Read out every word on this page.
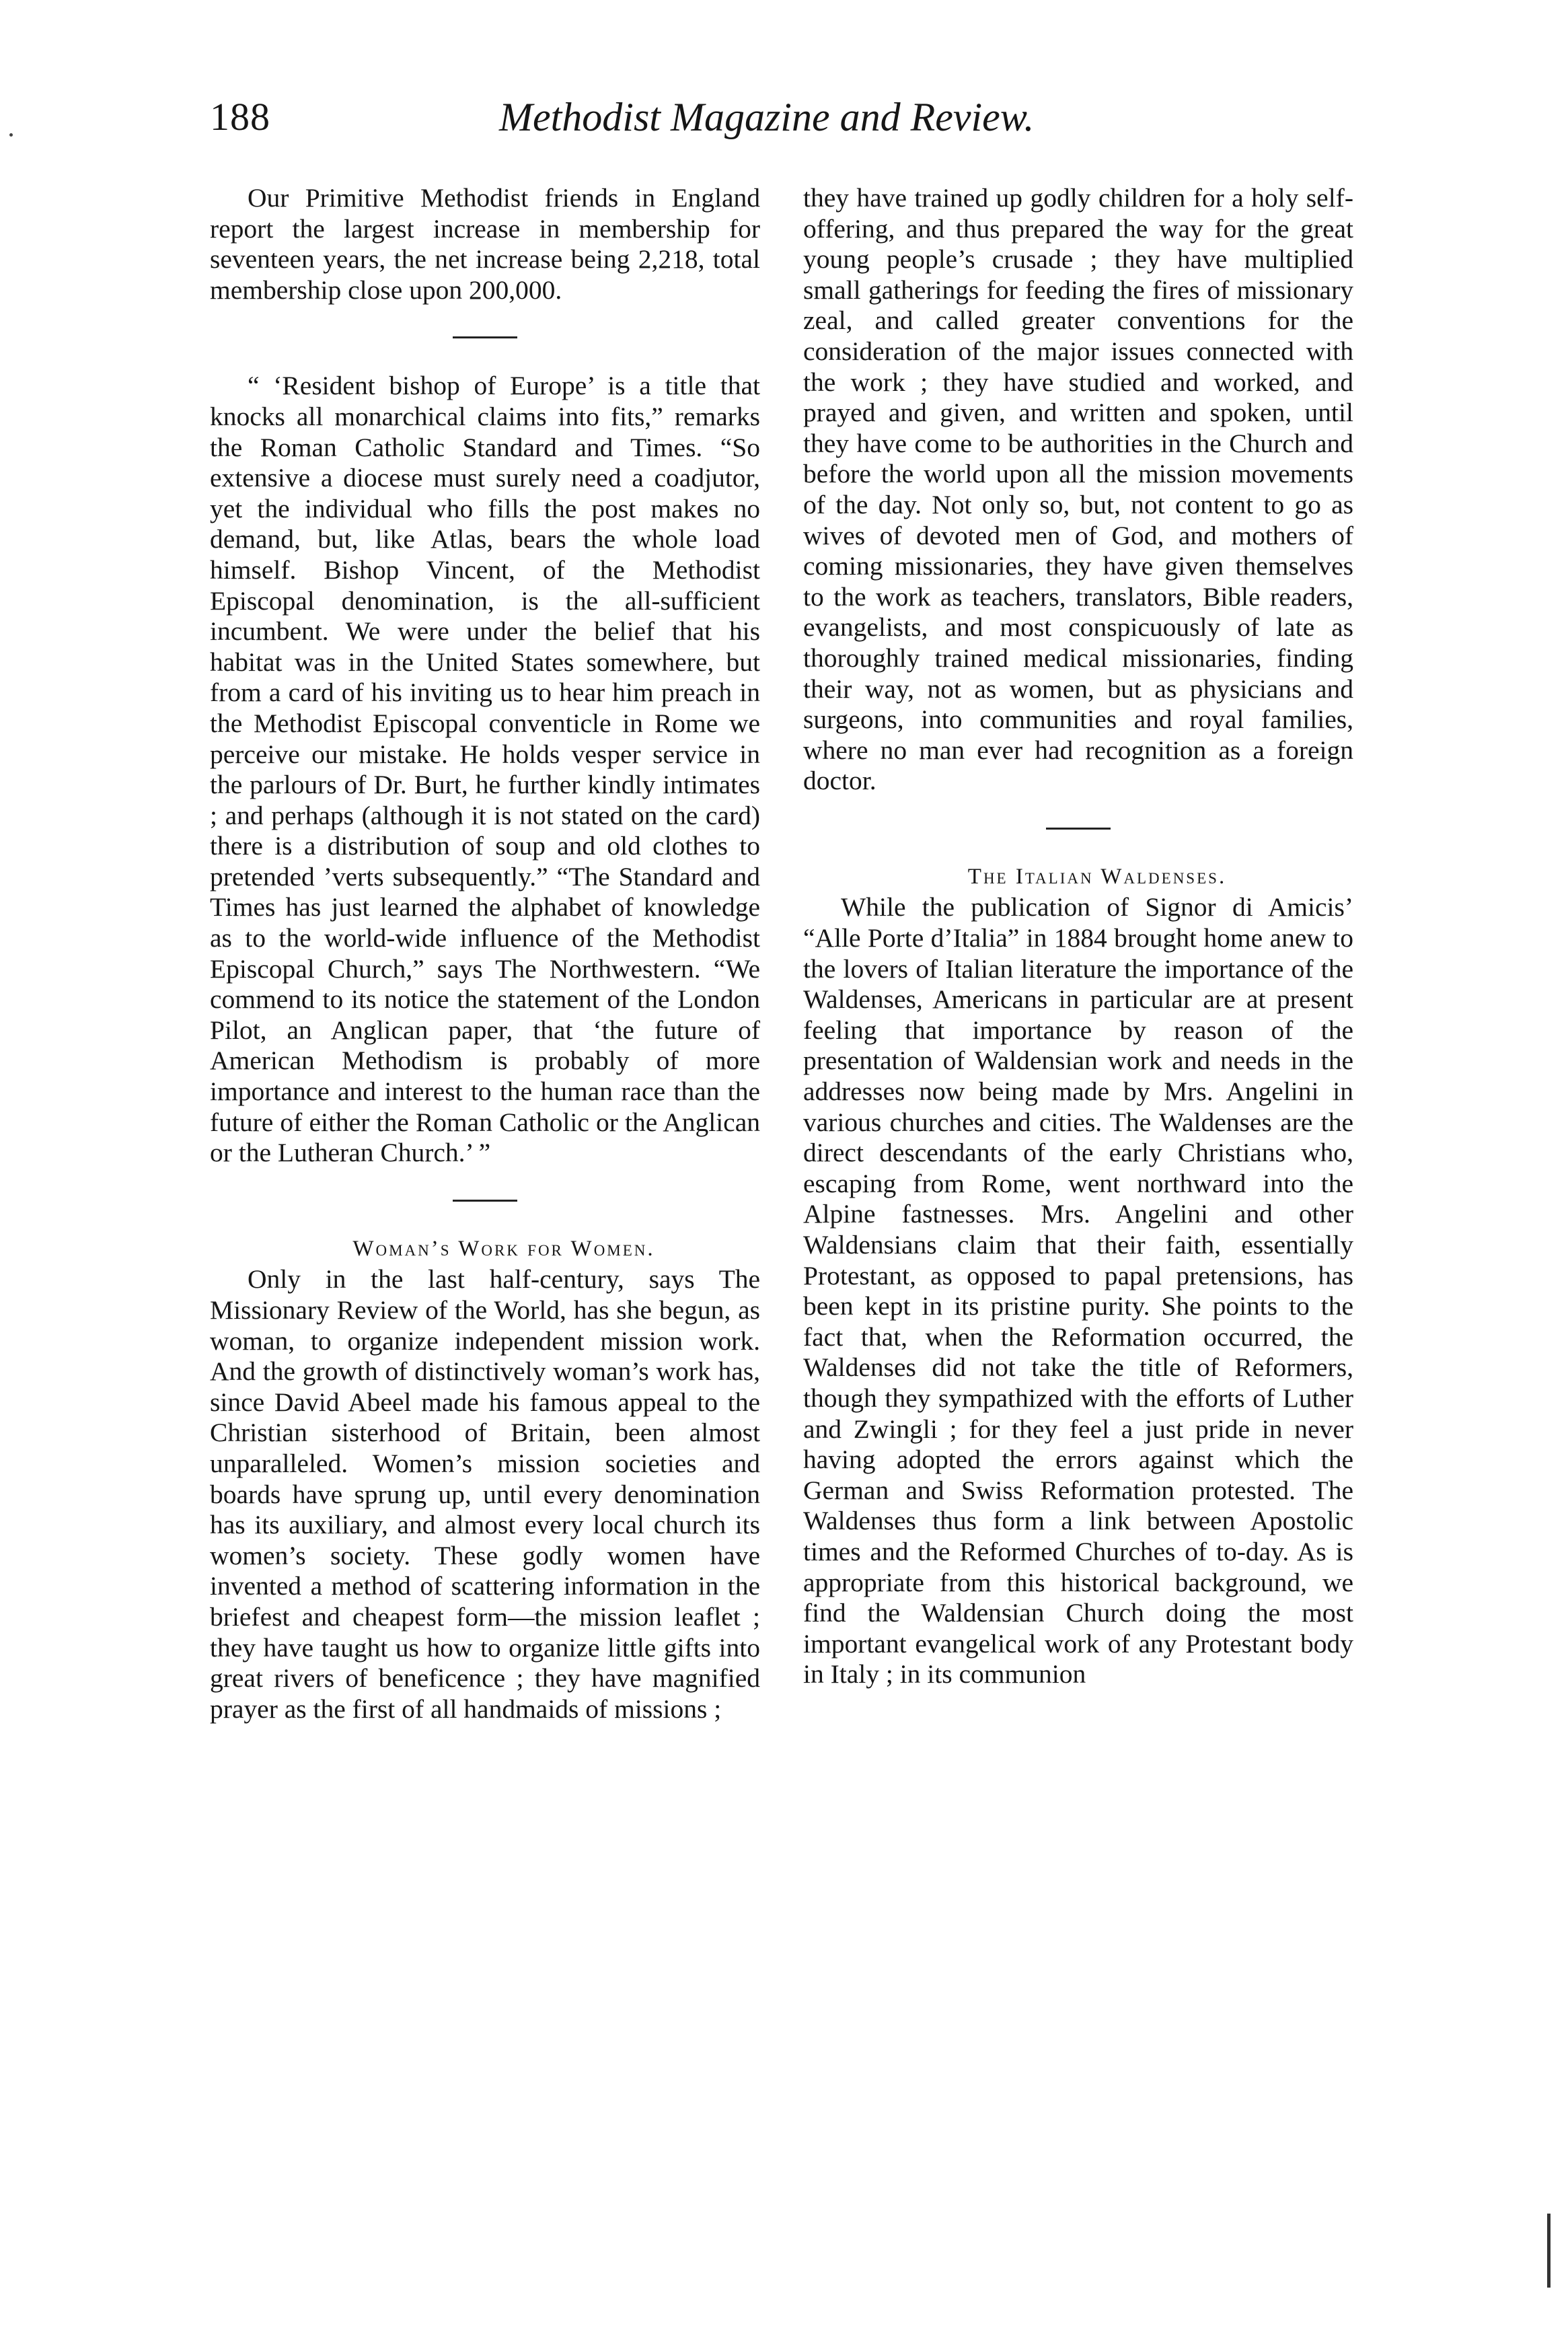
188	Methodist Magazine and Review.

Our Primitive Methodist friends in England report the largest increase in membership for seventeen years, the net increase being 2,218, total membership close upon 200,000.

“ ‘Resident bishop of Europe’ is a title that knocks all monarchical claims into fits,” remarks the Roman Catholic Standard and Times. “So extensive a diocese must surely need a coadjutor, yet the individual who fills the post makes no demand, but, like Atlas, bears the whole load himself. Bishop Vincent, of the Methodist Episcopal denomination, is the all-sufficient incumbent. We were under the belief that his habitat was in the United States somewhere, but from a card of his inviting us to hear him preach in the Methodist Episcopal conventicle in Rome we perceive our mistake. He holds vesper service in the parlours of Dr. Burt, he further kindly intimates ; and perhaps (although it is not stated on the card) there is a distribution of soup and old clothes to pretended ’verts subsequently.” “The Standard and Times has just learned the alphabet of knowledge as to the world-wide influence of the Methodist Episcopal Church,” says The Northwestern. “We commend to its notice the statement of the London Pilot, an Anglican paper, that ‘the future of American Methodism is probably of more importance and interest to the human race than the future of either the Roman Catholic or the Anglican or the Lutheran Church.’ ”

Woman’s Work for Women.

Only in the last half-century, says The Missionary Review of the World, has she begun, as woman, to organize independent mission work. And the growth of distinctively woman’s work has, since David Abeel made his famous appeal to the Christian sisterhood of Britain, been almost unparalleled. Women’s mission societies and boards have sprung up, until every denomination has its auxiliary, and almost every local church its women’s society. These godly women have invented a method of scattering information in the briefest and cheapest form—the mission leaflet ; they have taught us how to organize little gifts into great rivers of beneficence ; they have magnified prayer as the first of all handmaids of missions ;

they have trained up godly children for a holy self-offering, and thus prepared the way for the great young people’s crusade ; they have multiplied small gatherings for feeding the fires of missionary zeal, and called greater conventions for the consideration of the major issues connected with the work ; they have studied and worked, and prayed and given, and written and spoken, until they have come to be authorities in the Church and before the world upon all the mission movements of the day. Not only so, but, not content to go as wives of devoted men of God, and mothers of coming missionaries, they have given themselves to the work as teachers, translators, Bible readers, evangelists, and most conspicuously of late as thoroughly trained medical missionaries, finding their way, not as women, but as physicians and surgeons, into communities and royal families, where no man ever had recognition as a foreign doctor.

The Italian Waldenses.

While the publication of Signor di Amicis’ “Alle Porte d’Italia” in 1884 brought home anew to the lovers of Italian literature the importance of the Waldenses, Americans in particular are at present feeling that importance by reason of the presentation of Waldensian work and needs in the addresses now being made by Mrs. Angelini in various churches and cities. The Waldenses are the direct descendants of the early Christians who, escaping from Rome, went northward into the Alpine fastnesses. Mrs. Angelini and other Waldensians claim that their faith, essentially Protestant, as opposed to papal pretensions, has been kept in its pristine purity. She points to the fact that, when the Reformation occurred, the Waldenses did not take the title of Reformers, though they sympathized with the efforts of Luther and Zwingli ; for they feel a just pride in never having adopted the errors against which the German and Swiss Reformation protested. The Waldenses thus form a link between Apostolic times and the Reformed Churches of to-day. As is appropriate from this historical background, we find the Waldensian Church doing the most important evangelical work of any Protestant body in Italy ; in its communion
